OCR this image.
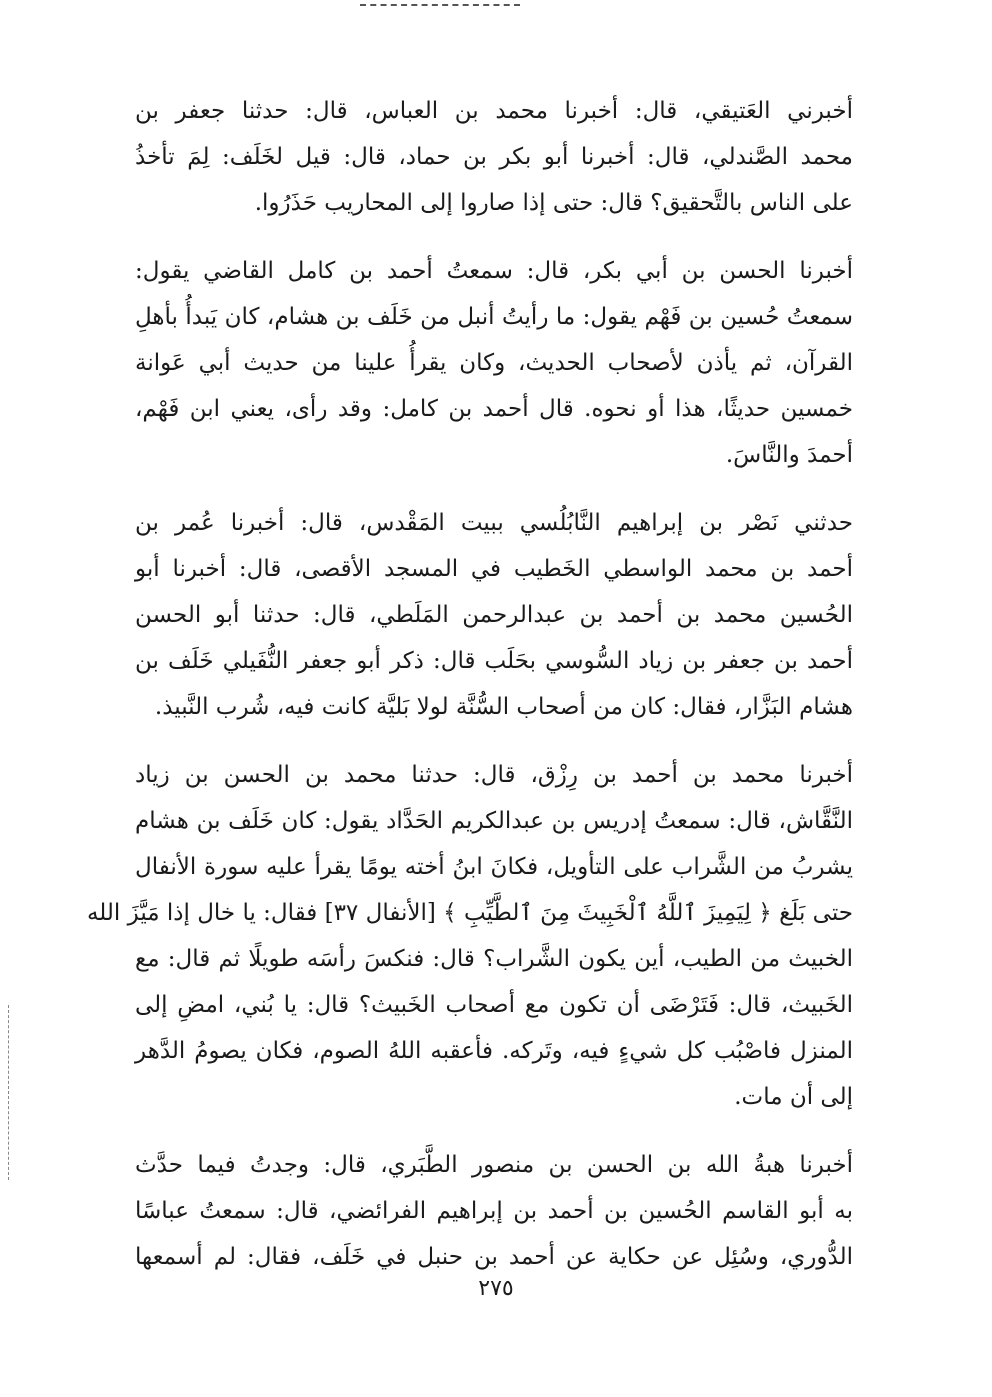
أخبرني العَتيقي، قال: أخبرنا محمد بن العباس، قال: حدثنا جعفر بن
محمد الصَّندلي، قال: أخبرنا أبو بكر بن حماد، قال: قيل لخَلَف: لِمَ تأخذُ
على الناس بالتَّحقيق؟ قال: حتى إذا صاروا إلى المحاريب حَذَرُوا.
أخبرنا الحسن بن أبي بكر، قال: سمعتُ أحمد بن كامل القاضي يقول:
سمعتُ حُسين بن فَهْم يقول: ما رأيتُ أنبل من خَلَف بن هشام، كان يَبدأُ بأهلِ
القرآن، ثم يأذن لأصحاب الحديث، وكان يقرأُ علينا من حديث أبي عَوانة
خمسين حديثًا، هذا أو نحوه. قال أحمد بن كامل: وقد رأى، يعني ابن فَهْم،
أحمدَ والنَّاسَ.
حدثني نَصْر بن إبراهيم النَّابُلُسي ببيت المَقْدس، قال: أخبرنا عُمر بن
أحمد بن محمد الواسطي الخَطيب في المسجد الأقصى، قال: أخبرنا أبو
الحُسين محمد بن أحمد بن عبدالرحمن المَلَطي، قال: حدثنا أبو الحسن
أحمد بن جعفر بن زياد السُّوسي بحَلَب قال: ذكر أبو جعفر النُّفَيلي خَلَف بن
هشام البَزَّار، فقال: كان من أصحاب السُّنَّة لولا بَليَّة كانت فيه، شُرب النَّبيذ.
أخبرنا محمد بن أحمد بن رِزْق، قال: حدثنا محمد بن الحسن بن زياد
النَّقَّاش، قال: سمعتُ إدريس بن عبدالكريم الحَدَّاد يقول: كان خَلَف بن هشام
يشربُ من الشَّراب على التأويل، فكانَ ابنُ أخته يومًا يقرأ عليه سورة الأنفال
حتى بَلَغ ﴿ لِيَمِيزَ ٱللَّهُ ٱلْخَبِيثَ مِنَ ٱلطَّيِّبِ ﴾ [الأنفال ٣٧] فقال: يا خال إذا مَيَّزَ الله
الخبيث من الطيب، أين يكون الشَّراب؟ قال: فنكسَ رأسَه طويلًا ثم قال: مع
الخَبيث، قال: فَتَرْضَى أن تكون مع أصحاب الخَبيث؟ قال: يا بُني، امضِ إلى
المنزل فاصْبُب كل شيءٍ فيه، وتَركه. فأعقبه اللهُ الصوم، فكان يصومُ الدَّهر
إلى أن مات.
أخبرنا هبةُ الله بن الحسن بن منصور الطَّبَري، قال: وجدتُ فيما حدَّث
به أبو القاسم الحُسين بن أحمد بن إبراهيم الفرائضي، قال: سمعتُ عباسًا
الدُّوري، وسُئِل عن حكاية عن أحمد بن حنبل في خَلَف، فقال: لم أسمعها
٢٧٥
